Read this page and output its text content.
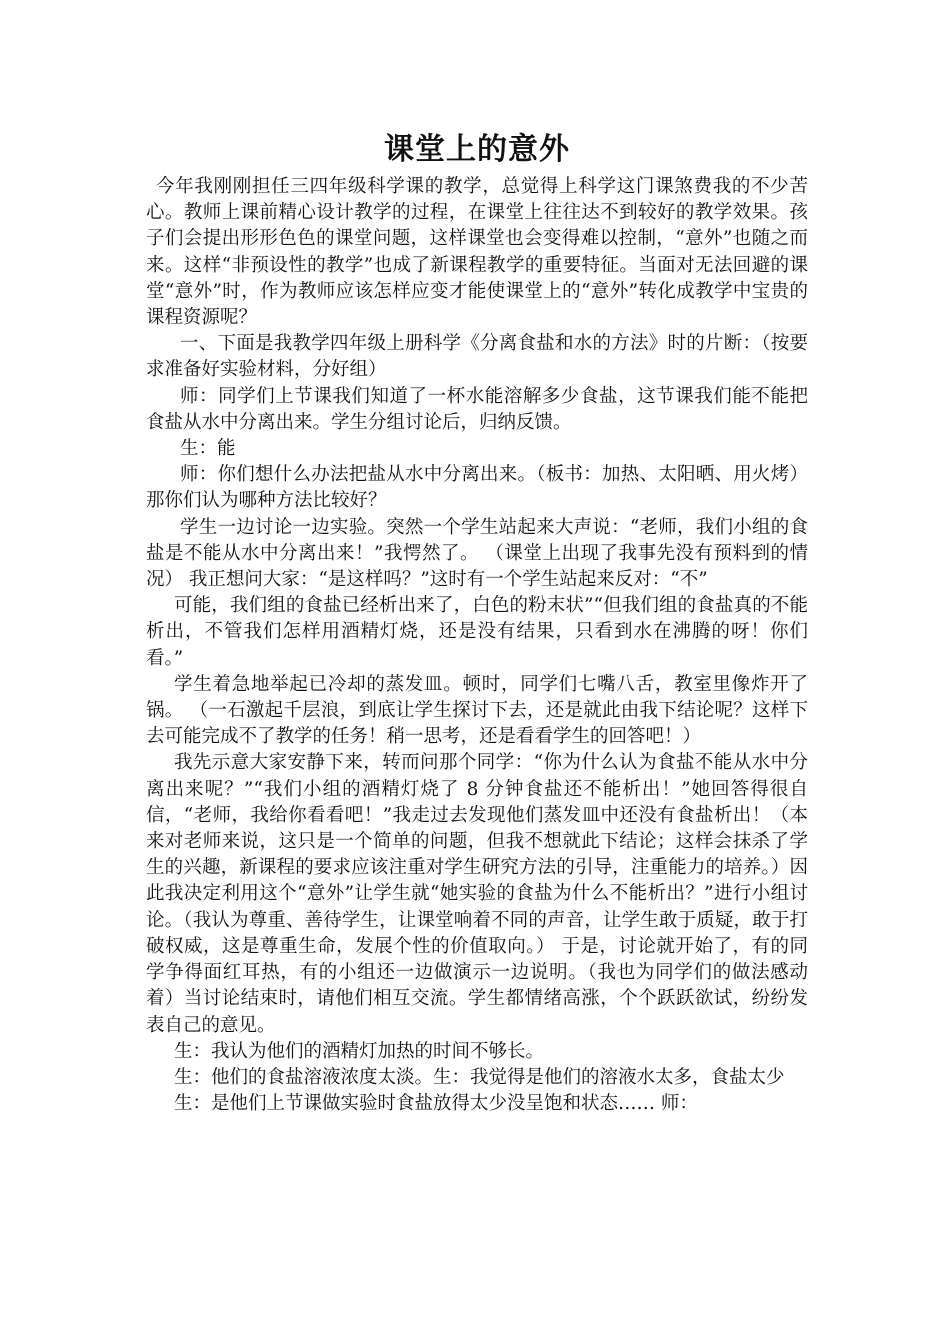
课堂上的意外

今年我刚刚担任三四年级科学课的教学，总觉得上科学这门课煞费我的不少苦心。教师上课前精心设计教学的过程，在课堂上往往达不到较好的教学效果。孩子们会提出形形色色的课堂问题，这样课堂也会变得难以控制，“意外”也随之而来。这样“非预设性的教学”也成了新课程教学的重要特征。当面对无法回避的课堂“意外”时，作为教师应该怎样应变才能使课堂上的“意外”转化成教学中宝贵的课程资源呢？

一、下面是我教学四年级上册科学《分离食盐和水的方法》时的片断：（按要求准备好实验材料，分好组）

师：同学们上节课我们知道了一杯水能溶解多少食盐，这节课我们能不能把食盐从水中分离出来。学生分组讨论后，归纳反馈。

生：能

师：你们想什么办法把盐从水中分离出来。（板书：加热、太阳晒、用火烤）那你们认为哪种方法比较好？

学生一边讨论一边实验。突然一个学生站起来大声说：“老师，我们小组的食盐是不能从水中分离出来！”我愕然了。 （课堂上出现了我事先没有预料到的情况） 我正想问大家：“是这样吗？”这时有一个学生站起来反对：“不”

可能，我们组的食盐已经析出来了，白色的粉末状”“但我们组的食盐真的不能析出，不管我们怎样用酒精灯烧，还是没有结果，只看到水在沸腾的呀！你们看。”

学生着急地举起已冷却的蒸发皿。顿时，同学们七嘴八舌，教室里像炸开了锅。 （一石激起千层浪，到底让学生探讨下去，还是就此由我下结论呢？这样下去可能完成不了教学的任务！稍一思考，还是看看学生的回答吧！）

我先示意大家安静下来，转而问那个同学：“你为什么认为食盐不能从水中分离出来呢？”“我们小组的酒精灯烧了 8 分钟食盐还不能析出！”她回答得很自信，“老师，我给你看看吧！”我走过去发现他们蒸发皿中还没有食盐析出！（本来对老师来说，这只是一个简单的问题，但我不想就此下结论；这样会抹杀了学生的兴趣，新课程的要求应该注重对学生研究方法的引导，注重能力的培养。）因此我决定利用这个“意外”让学生就“她实验的食盐为什么不能析出？”进行小组讨论。（我认为尊重、善待学生，让课堂响着不同的声音，让学生敢于质疑，敢于打破权威，这是尊重生命，发展个性的价值取向。） 于是，讨论就开始了，有的同学争得面红耳热，有的小组还一边做演示一边说明。（我也为同学们的做法感动着）当讨论结束时，请他们相互交流。学生都情绪高涨，个个跃跃欲试，纷纷发表自己的意见。

生：我认为他们的酒精灯加热的时间不够长。

生：他们的食盐溶液浓度太淡。生：我觉得是他们的溶液水太多，食盐太少

生：是他们上节课做实验时食盐放得太少没呈饱和状态…… 师：
